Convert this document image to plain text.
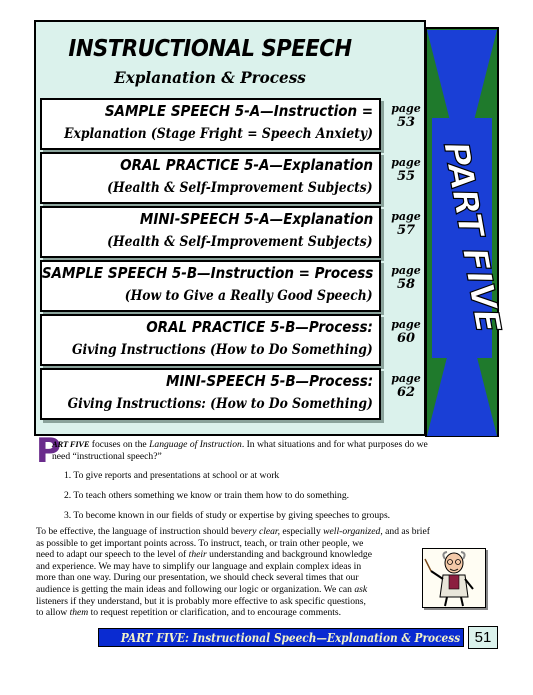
INSTRUCTIONAL SPEECH
Explanation & Process
SAMPLE SPEECH 5-A—Instruction =
Explanation (Stage Fright = Speech Anxiety)
page
53
ORAL PRACTICE 5-A—Explanation
(Health & Self-Improvement Subjects)
page
55
MINI-SPEECH 5-A—Explanation
(Health & Self-Improvement Subjects)
page
57
SAMPLE SPEECH 5-B—Instruction = Process
(How to Give a Really Good Speech)
page
58
ORAL PRACTICE 5-B—Process:
Giving Instructions (How to Do Something)
page
60
MINI-SPEECH 5-B—Process:
Giving Instructions: (How to Do Something)
page
62
PART FIVE
P
ART FIVE focuses on the Language of Instruction. In what situations and for what purposes do we
need “instructional speech?”
1. To give reports and presentations at school or at work
2. To teach others something we know or train them how to do something.
3. To become known in our fields of study or expertise by giving speeches to groups.
To be effective, the language of instruction should bevery clear, especially well-organized, and as brief
as possible to get important points across. To instruct, teach, or train other people, we
need to adapt our speech to the level of their understanding and background knowledge
and experience. We may have to simplify our language and explain complex ideas in
more than one way. During our presentation, we should check several times that our
audience is getting the main ideas and following our logic or organization. We can ask
listeners if they understand, but it is probably more effective to ask specific questions,
to allow them to request repetition or clarification, and to encourage comments.
PART FIVE: Instructional Speech—Explanation & Process 51
